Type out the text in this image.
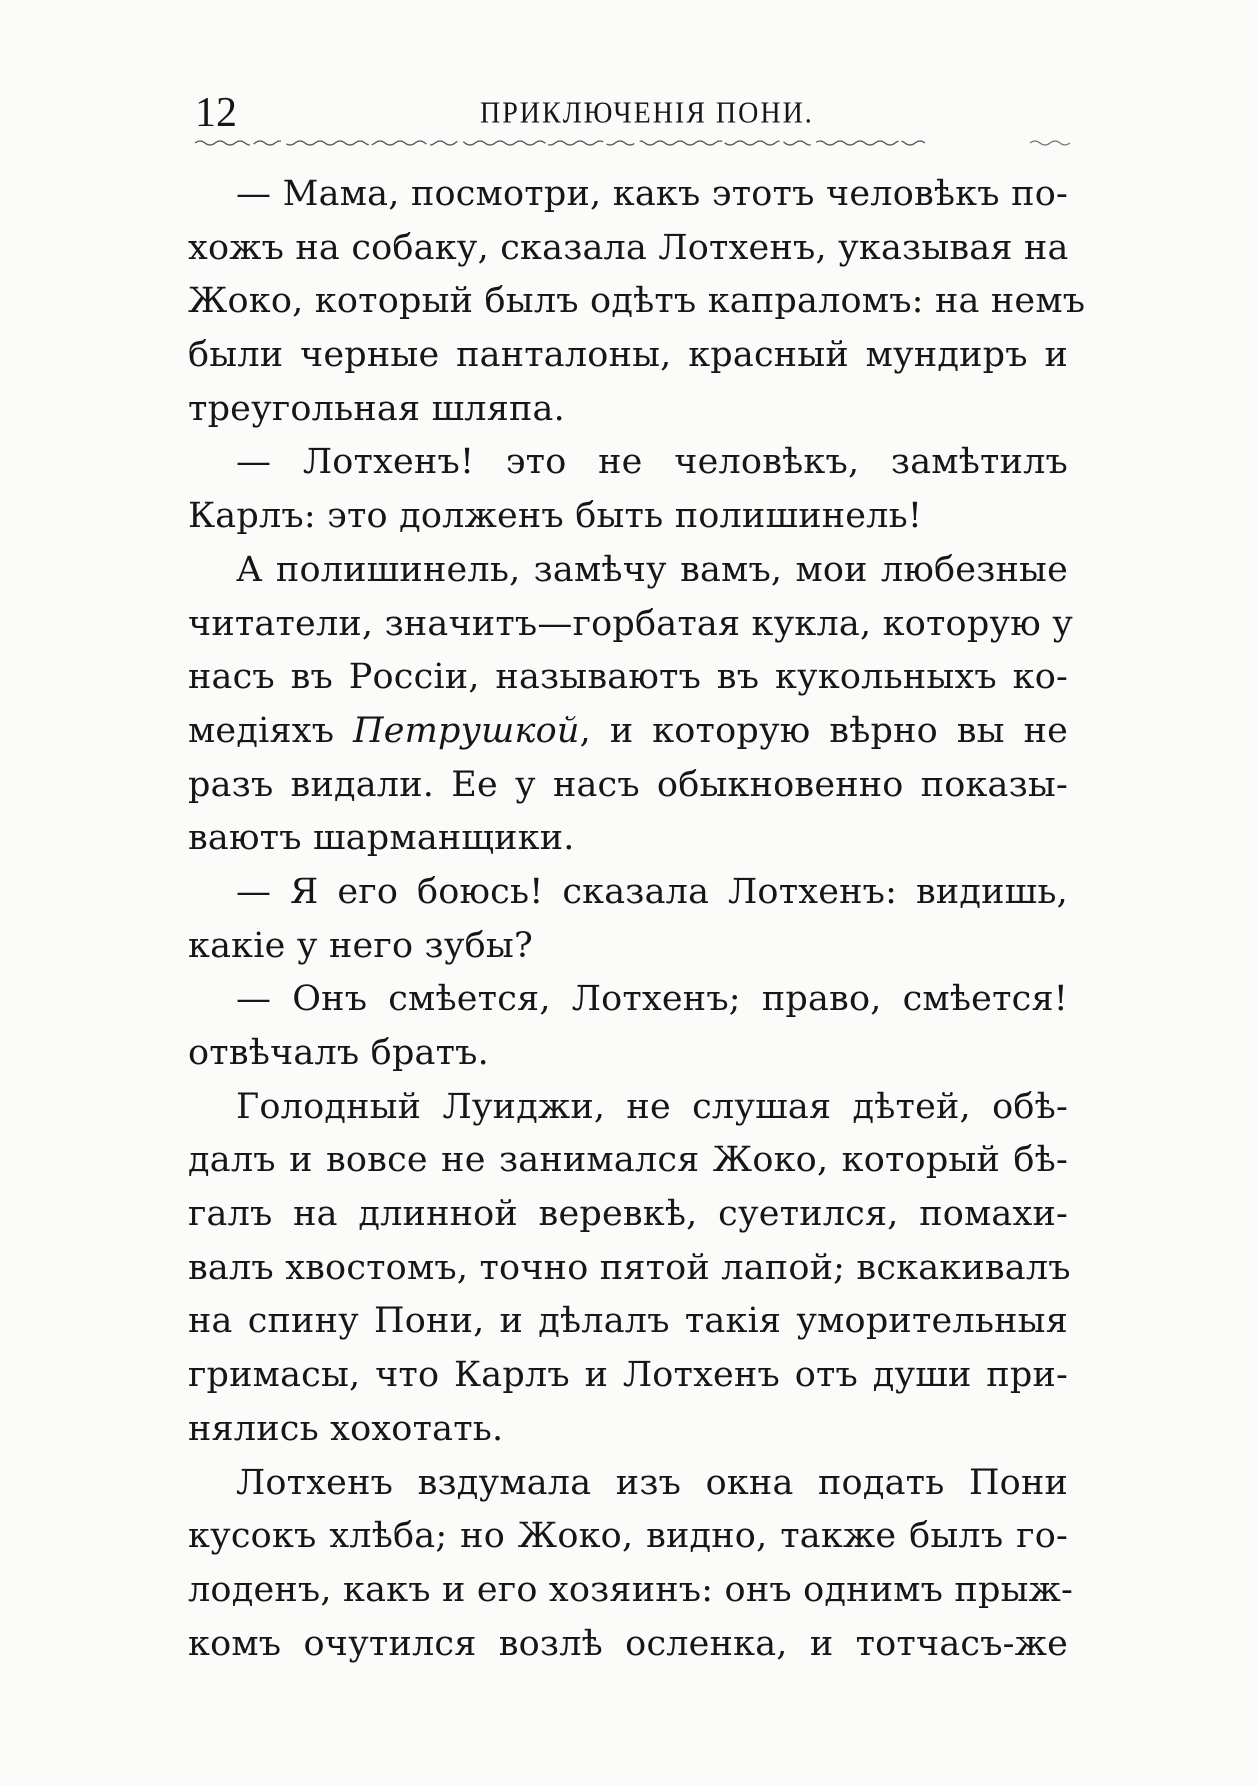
12	ПРИКЛЮЧЕНІЯ ПОНИ.
— Мама, посмотри, какъ этотъ человѣкъ по-
хожъ на собаку, сказала Лотхенъ, указывая на
Жоко, который былъ одѣтъ капраломъ: на немъ
были черные панталоны, красный мундиръ и
треугольная шляпа.
— Лотхенъ! это не человѣкъ, замѣтилъ
Карлъ: это долженъ быть полишинель!
А полишинель, замѣчу вамъ, мои любезные
читатели, значитъ—горбатая кукла, которую у
насъ въ Россіи, называютъ въ кукольныхъ ко-
медіяхъ Петрушкой, и которую вѣрно вы не
разъ видали. Ее у насъ обыкновенно показы-
ваютъ шарманщики.
— Я его боюсь! сказала Лотхенъ: видишь,
какіе у него зубы?
— Онъ смѣется, Лотхенъ; право, смѣется!
отвѣчалъ братъ.
Голодный Луиджи, не слушая дѣтей, обѣ-
далъ и вовсе не занимался Жоко, который бѣ-
галъ на длинной веревкѣ, суетился, помахи-
валъ хвостомъ, точно пятой лапой; вскакивалъ
на спину Пони, и дѣлалъ такія уморительныя
гримасы, что Карлъ и Лотхенъ отъ души при-
нялись хохотать.
Лотхенъ вздумала изъ окна подать Пони
кусокъ хлѣба; но Жоко, видно, также былъ го-
лоденъ, какъ и его хозяинъ: онъ однимъ прыж-
комъ очутился возлѣ осленка, и тотчасъ-же
